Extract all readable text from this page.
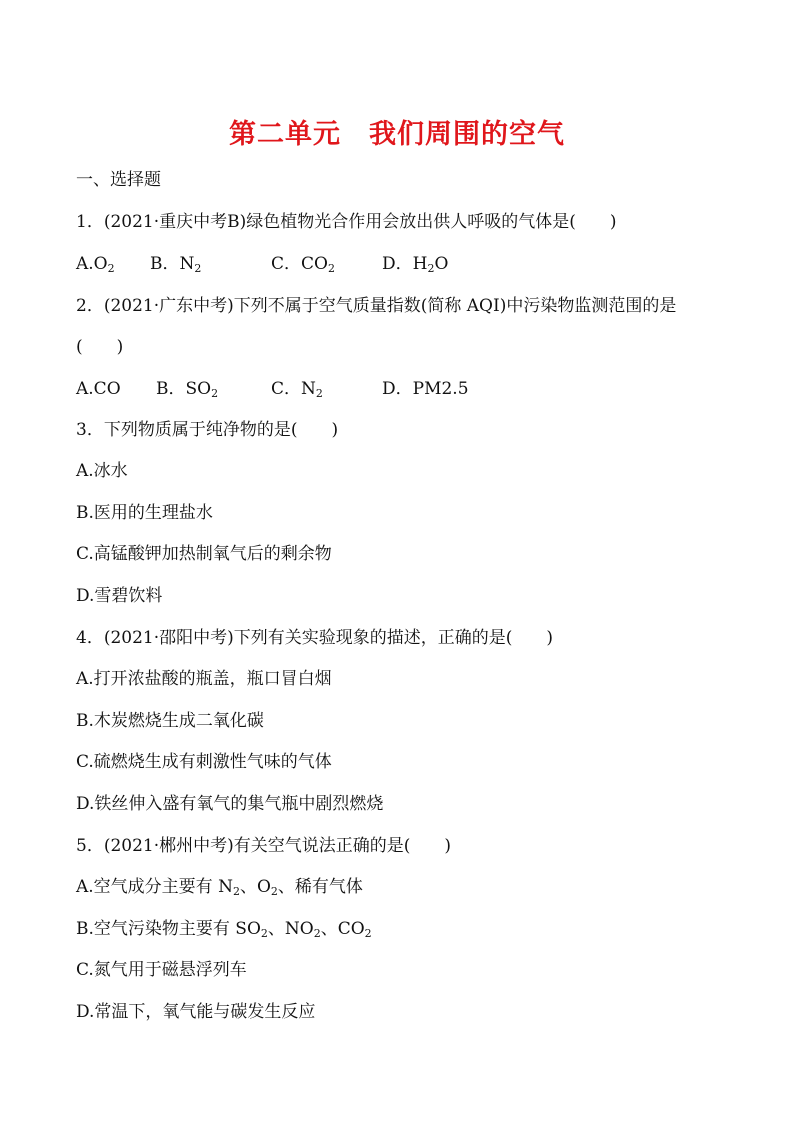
第二单元　我们周围的空气
一、选择题
1．(2021·重庆中考B)绿色植物光合作用会放出供人呼吸的气体是(　　)
$A.O_2$ B．$N_2$	C．$CO_2$	D．$H_2O$
2．(2021·广东中考)下列不属于空气质量指数(简称 AQI)中污染物监测范围的是
(　　)
A.CO B．$SO_2$	C．$N_2$	D．PM2.5
3．下列物质属于纯净物的是(　　)
A.冰水
B.医用的生理盐水
C.高锰酸钾加热制氧气后的剩余物
D.雪碧饮料
4．(2021·邵阳中考)下列有关实验现象的描述，正确的是(　　)
A.打开浓盐酸的瓶盖，瓶口冒白烟
B.木炭燃烧生成二氧化碳
C.硫燃烧生成有刺激性气味的气体
D.铁丝伸入盛有氧气的集气瓶中剧烈燃烧
5．(2021·郴州中考)有关空气说法正确的是(　　)
A.空气成分主要有 $N_2$、$O_2$、稀有气体
B.空气污染物主要有 $SO_2$、$NO_2$、$CO_2$
C.氮气用于磁悬浮列车
D.常温下，氧气能与碳发生反应
